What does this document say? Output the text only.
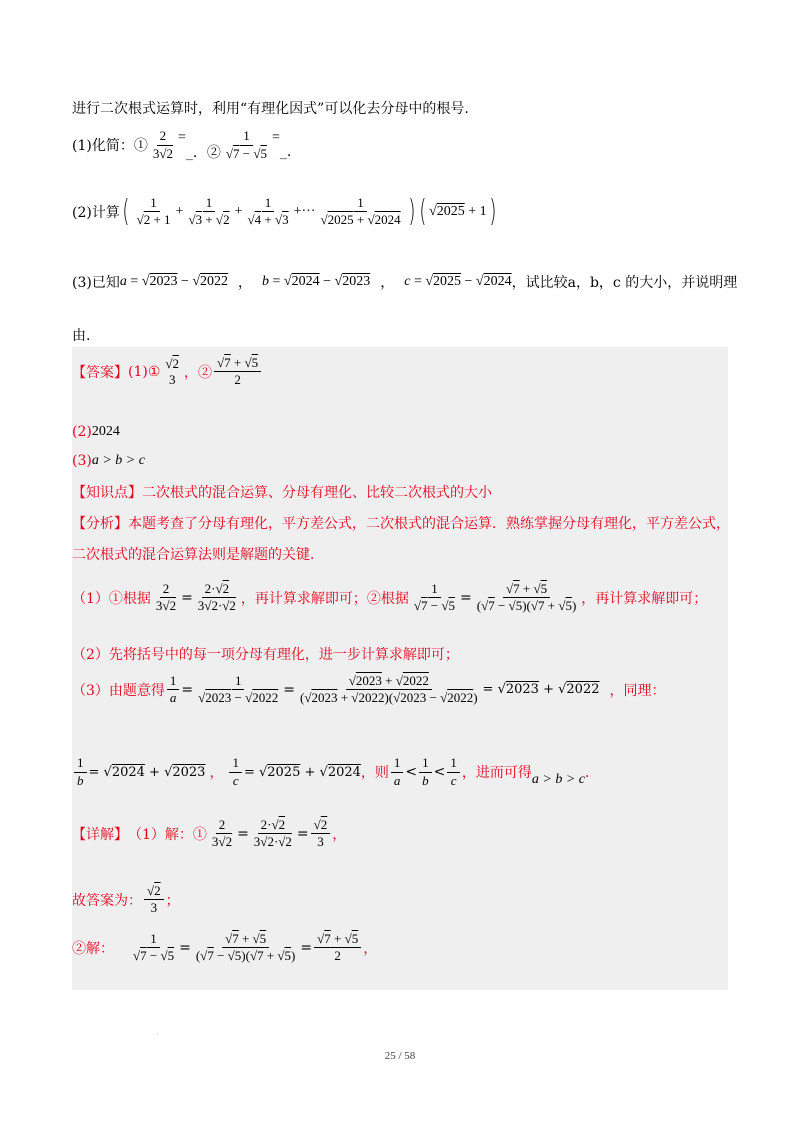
进行二次根式运算时，利用“有理化因式”可以化去分母中的根号.
(1)化简：① $\frac{2}{3√2}$ =
_．② $\frac{1}{√7 - √5}$ =
_.
(2)计算 ( $\frac{1}{√2 + 1} + \frac{1}{√3 + √2} + \frac{1}{√4 + √3}$ +··· $\frac{1}{√2025 + √2024}$ ) ( √2025 + 1 )
(3)已知 a = √2023 − √2022 ， b = √2024 − √2023 ， c = √2025 − √2024 ，试比较a，b，c 的大小，并说明理
由.
【答案】 (1)①
√2
3 ，② $\frac{√7 + √5}{2}$
(2) 2024
(3) a > b > c
【知识点】 二次根式的混合运算、分母有理化、比较二次根式的大小
【分析】 本题考查了分母有理化，平方差公式，二次根式的混合运算．熟练掌握分母有理化，平方差公式，
二次根式的混合运算法则是解题的关键．
（1）①根据 $\frac{2}{3√2} = \frac{2\cdot√2}{3√2\cdot√2}$ ，再计算求解即可；②根据 $\frac{1}{√7 - √5} = \frac{√7 + √5}{(√7 - √5)(√7 + √5)}$ ，再计算求解即可；
（2）先将括号中的每一项分母有理化，进一步计算求解即可；
（3）由题意得 $\frac{1}{a} = \frac{1}{√2023 - √2022} = \frac{√2023 + √2022}{(√2023 + √2022)(√2023 - √2022)} = √2023 + √2022$ ，同理：
$\frac{1}{b} = √2024 + √2023$ ， $\frac{1}{c} = √2025 + √2024$ ，则 $\frac{1}{a} < \frac{1}{b} < \frac{1}{c}$ ，进而可得 a > b > c ．
【详解】 （1）解：① $\frac{2}{3√2} = \frac{2\cdot√2}{3√2\cdot√2} = \frac{√2}{3}$ ，
故答案为： $\frac{√2}{3}$ ；
②解： $\frac{1}{√7 - √5} = \frac{√7 + √5}{(√7 - √5)(√7 + √5)} = \frac{√7 + √5}{2}$ ，
·
25 / 58
